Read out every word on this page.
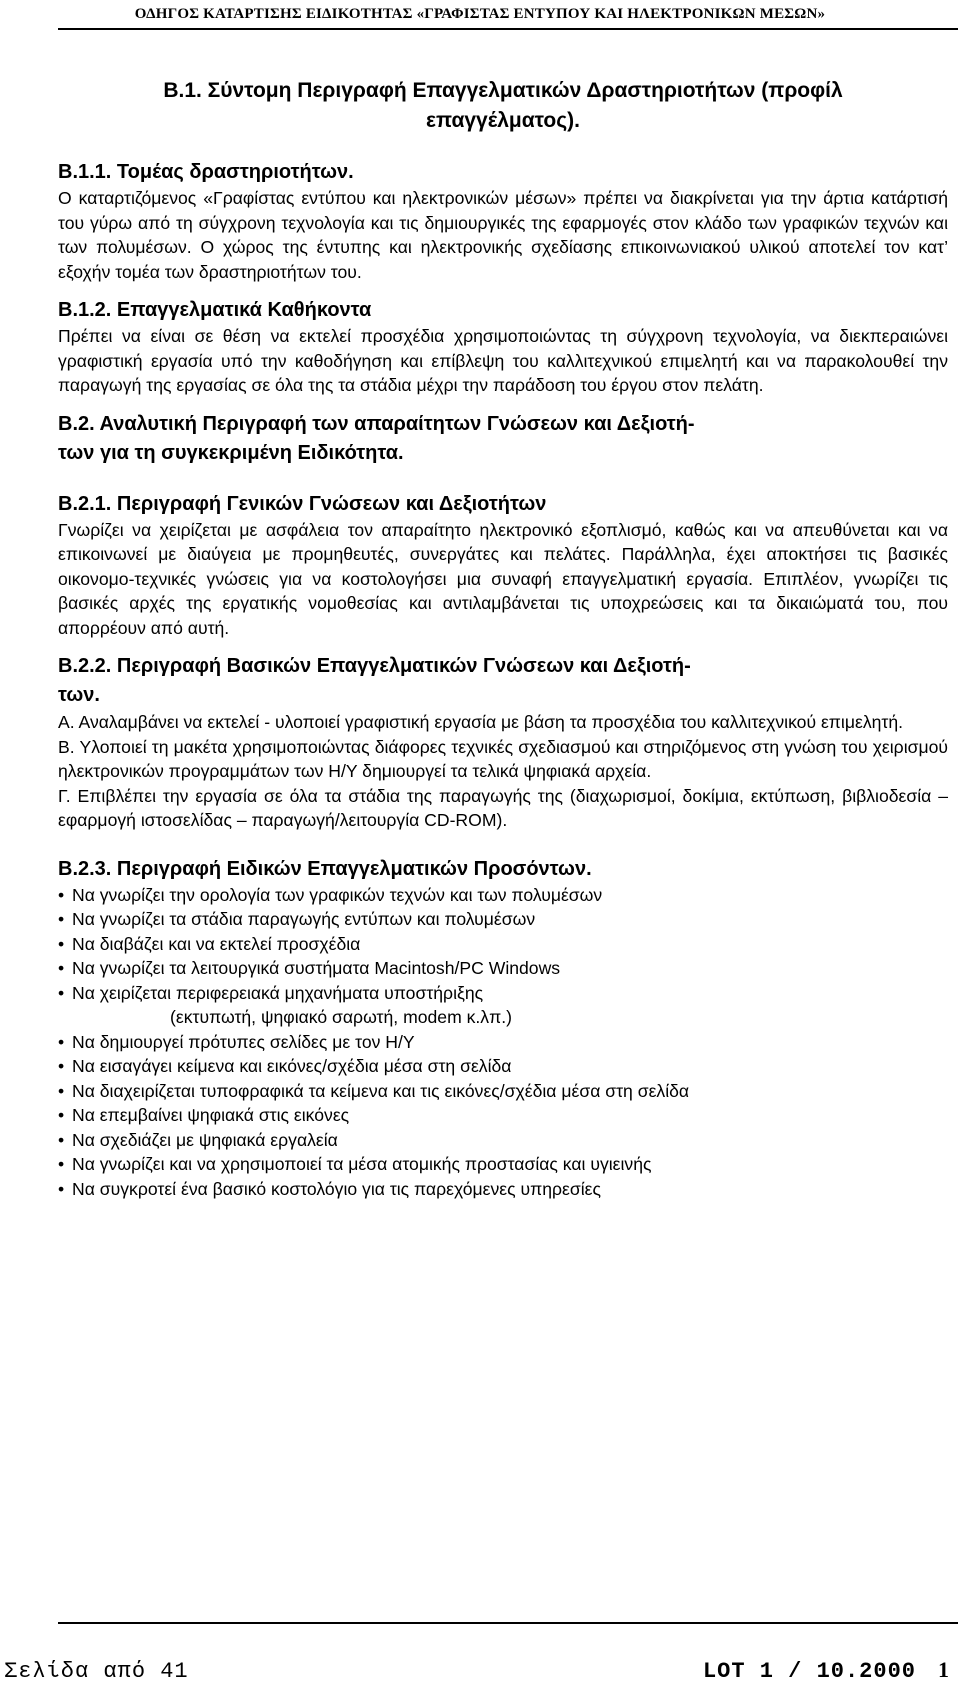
ΟΔΗΓΟΣ ΚΑΤΑΡΤΙΣΗΣ ΕΙΔΙΚΟΤΗΤΑΣ «ΓΡΑΦΙΣΤΑΣ ΕΝΤΥΠΟΥ ΚΑΙ ΗΛΕΚΤΡΟΝΙΚΩΝ ΜΕΣΩΝ»
Β.1. Σύντομη Περιγραφή Επαγγελματικών Δραστηριοτήτων (προφίλ
επαγγέλματος).
Β.1.1. Τομέας δραστηριοτήτων.

Ο καταρτιζόμενος «Γραφίστας εντύπου και ηλεκτρονικών μέσων» πρέπει να διακρίνεται για την άρτια κατάρτισή του γύρω από τη σύγχρονη τεχνολογία και τις δημιουργικές της εφαρμογές στον κλάδο των γραφικών τεχνών και των πολυμέσων. Ο χώρος της έντυπης και ηλεκτρονικής σχεδίασης επικοινωνιακού υλικού αποτελεί τον κατ’ εξοχήν τομέα των δραστηριοτήτων του.

Β.1.2. Επαγγελματικά Καθήκοντα

Πρέπει να είναι σε θέση να εκτελεί προσχέδια χρησιμοποιώντας τη σύγχρονη τεχνολογία, να διεκπεραιώνει γραφιστική εργασία υπό την καθοδήγηση και επίβλεψη του καλλιτεχνικού επιμελητή και να παρακολουθεί την παραγωγή της εργασίας σε όλα της τα στάδια μέχρι την παράδοση του έργου στον πελάτη.

Β.2. Αναλυτική Περιγραφή των απαραίτητων Γνώσεων και Δεξιοτή-
των για τη συγκεκριμένη Ειδικότητα.
Β.2.1. Περιγραφή Γενικών Γνώσεων και Δεξιοτήτων

Γνωρίζει να χειρίζεται με ασφάλεια τον απαραίτητο ηλεκτρονικό εξοπλισμό, καθώς και να απευθύνεται και να επικοινωνεί με διαύγεια με προμηθευτές, συνεργάτες και πελάτες. Παράλληλα, έχει αποκτήσει τις βασικές οικονομο-τεχνικές γνώσεις για να κοστολογήσει μια συναφή επαγγελματική εργασία. Επιπλέον, γνωρίζει τις βασικές αρχές της εργατικής νομοθεσίας και αντιλαμβάνεται τις υποχρεώσεις και τα δικαιώματά του, που απορρέουν από αυτή.

Β.2.2. Περιγραφή Βασικών Επαγγελματικών Γνώσεων και Δεξιοτή-
των.

Α. Αναλαμβάνει να εκτελεί - υλοποιεί γραφιστική εργασία με βάση τα προσχέδια του καλλιτεχνικού επιμελητή.

Β. Υλοποιεί τη μακέτα χρησιμοποιώντας διάφορες τεχνικές σχεδιασμού και στηριζόμενος στη γνώση του χειρισμού ηλεκτρονικών προγραμμάτων των Η/Υ δημιουργεί τα τελικά ψηφιακά αρχεία.

Γ. Επιβλέπει την εργασία σε όλα τα στάδια της παραγωγής της (διαχωρισμοί, δοκίμια, εκτύπωση, βιβλιοδεσία – εφαρμογή ιστοσελίδας – παραγωγή/λειτουργία CD-ROM).

Β.2.3. Περιγραφή Ειδικών Επαγγελματικών Προσόντων.
• Να γνωρίζει την ορολογία των γραφικών τεχνών και των πολυμέσων
• Να γνωρίζει τα στάδια παραγωγής εντύπων και πολυμέσων
• Να διαβάζει και να εκτελεί προσχέδια
• Να γνωρίζει τα λειτουργικά συστήματα Macintosh/PC Windows
• Να χειρίζεται περιφερειακά μηχανήματα υποστήριξης
(εκτυπωτή, ψηφιακό σαρωτή, modem κ.λπ.)
• Να δημιουργεί πρότυπες σελίδες με τον Η/Υ
• Να εισαγάγει κείμενα και εικόνες/σχέδια μέσα στη σελίδα
• Να διαχειρίζεται τυποφραφικά τα κείμενα και τις εικόνες/σχέδια μέσα στη σελίδα
• Να επεμβαίνει ψηφιακά στις εικόνες
• Να σχεδιάζει με ψηφιακά εργαλεία
• Να γνωρίζει και να χρησιμοποιεί τα μέσα ατομικής προστασίας και υγιεινής
• Να συγκροτεί ένα βασικό κοστολόγιο για τις παρεχόμενες υπηρεσίες
Σελίδα από 41	LOT 1 / 10.2000 1
